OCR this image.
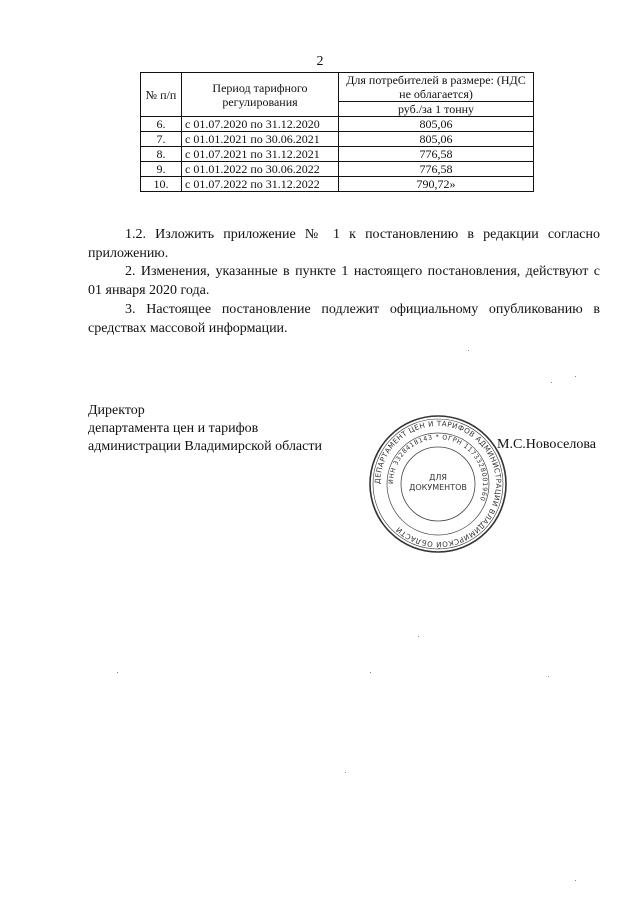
2
№ п/п	Период тарифного регулирования	Для потребителей в размере: (НДС не облагается)
		руб./за 1 тонну
6.	с 01.07.2020 по 31.12.2020	805,06
7.	с 01.01.2021 по 30.06.2021	805,06
8.	с 01.07.2021 по 31.12.2021	776,58
9.	с 01.01.2022 по 30.06.2022	776,58
10.	с 01.07.2022 по 31.12.2022	790,72»
1.2. Изложить приложение № 1 к постановлению в редакции согласно приложению.
2. Изменения, указанные в пункте 1 настоящего постановления, действуют с 01 января 2020 года.
3. Настоящее постановление подлежит официальному опубликованию в средствах массовой информации.
Директор
департамента цен и тарифов
администрации Владимирской области	М.С.Новоселова
ДЕПАРТАМЕНТ ЦЕН И ТАРИФОВ АДМИНИСТРАЦИИ ВЛАДИМИРСКОЙ ОБЛАСТИ
ИНН 3328418143 * ОГРН 1173328001960
ДЛЯ
ДОКУМЕНТОВ
